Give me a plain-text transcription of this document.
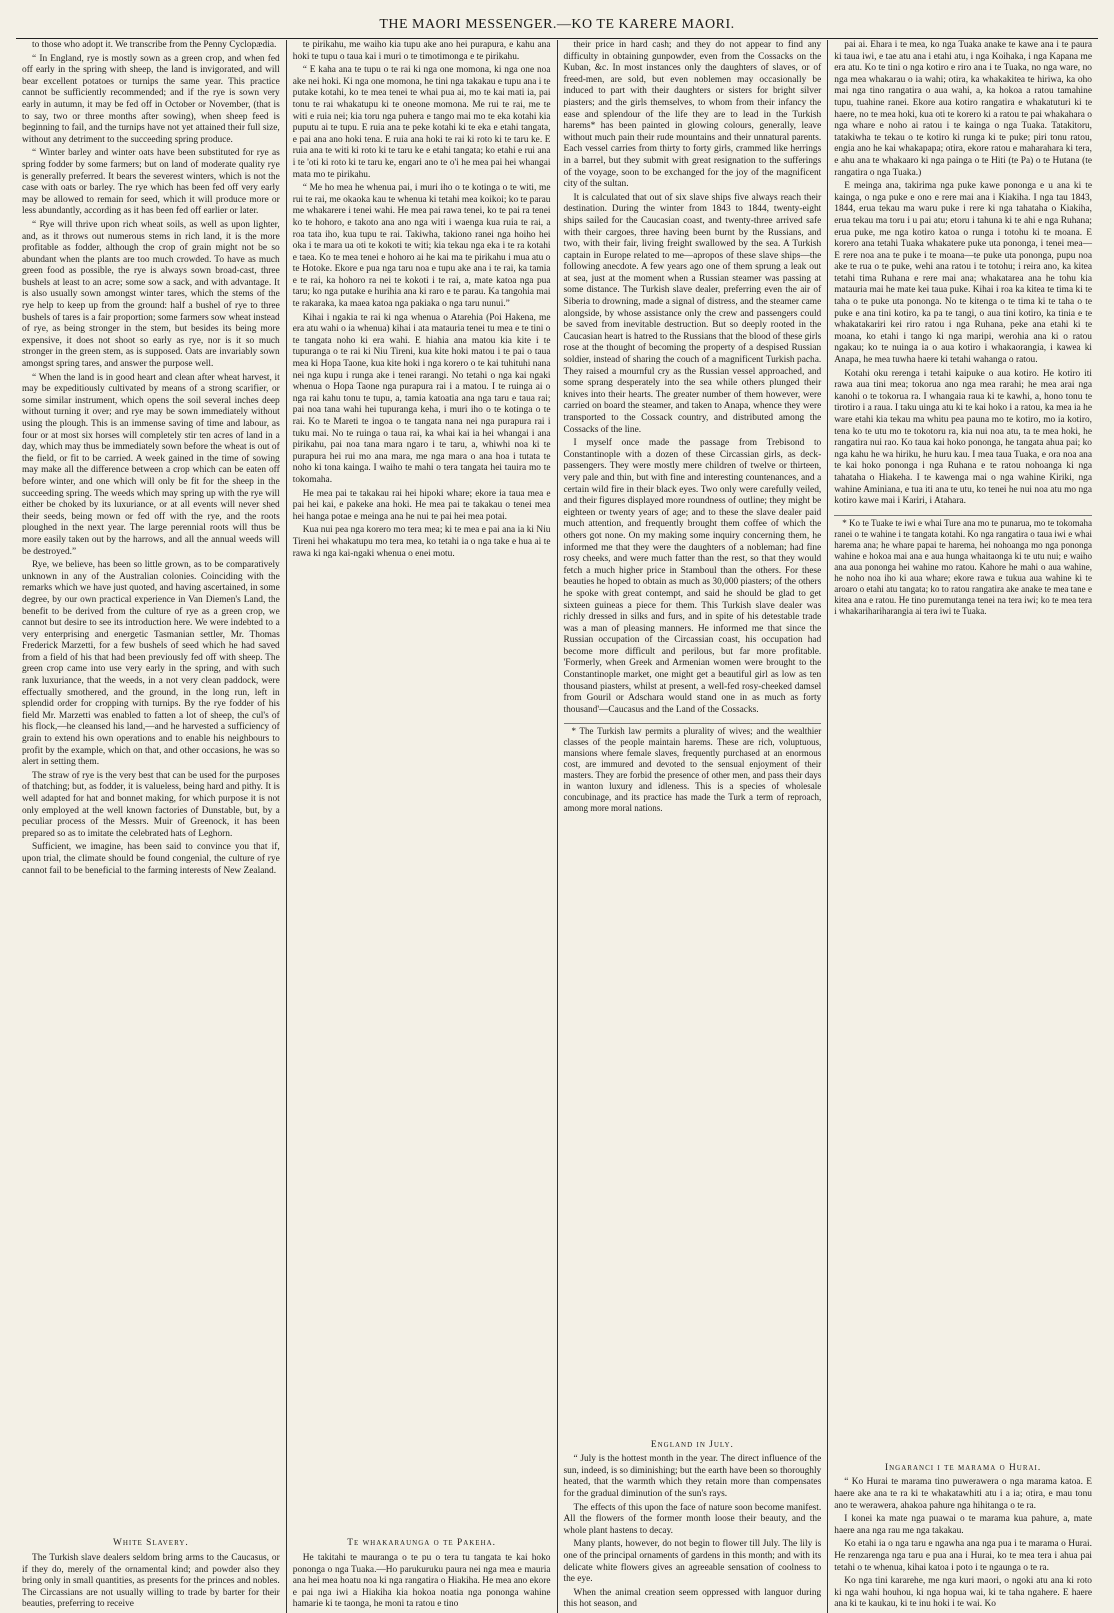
THE MAORI MESSENGER.—KO TE KARERE MAORI.

to those who adopt it. We transcribe from the Penny Cyclopædia.

“ In England, rye is mostly sown as a green crop, and when fed off early in the spring with sheep, the land is invigorated, and will bear excellent potatoes or turnips the same year. This practice cannot be sufficiently recommended; and if the rye is sown very early in autumn, it may be fed off in October or November, (that is to say, two or three months after sowing), when sheep feed is beginning to fail, and the turnips have not yet attained their full size, without any detriment to the succeeding spring produce.

“ Winter barley and winter oats have been substituted for rye as spring fodder by some farmers; but on land of moderate quality rye is generally preferred. It bears the severest winters, which is not the case with oats or barley. The rye which has been fed off very early may be allowed to remain for seed, which it will produce more or less abundantly, according as it has been fed off earlier or later.

“ Rye will thrive upon rich wheat soils, as well as upon lighter, and, as it throws out numerous stems in rich land, it is the more profitable as fodder, although the crop of grain might not be so abundant when the plants are too much crowded. To have as much green food as possible, the rye is always sown broad-cast, three bushels at least to an acre; some sow a sack, and with advantage. It is also usually sown amongst winter tares, which the stems of the rye help to keep up from the ground: half a bushel of rye to three bushels of tares is a fair proportion; some farmers sow wheat instead of rye, as being stronger in the stem, but besides its being more expensive, it does not shoot so early as rye, nor is it so much stronger in the green stem, as is supposed. Oats are invariably sown amongst spring tares, and answer the purpose well.

“ When the land is in good heart and clean after wheat harvest, it may be expeditiously cultivated by means of a strong scarifier, or some similar instrument, which opens the soil several inches deep without turning it over; and rye may be sown immediately without using the plough. This is an immense saving of time and labour, as four or at most six horses will completely stir ten acres of land in a day, which may thus be immediately sown before the wheat is out of the field, or fit to be carried. A week gained in the time of sowing may make all the difference between a crop which can be eaten off before winter, and one which will only be fit for the sheep in the succeeding spring. The weeds which may spring up with the rye will either be choked by its luxuriance, or at all events will never shed their seeds, being mown or fed off with the rye, and the roots ploughed in the next year. The large perennial roots will thus be more easily taken out by the harrows, and all the annual weeds will be destroyed.”

Rye, we believe, has been so little grown, as to be comparatively unknown in any of the Australian colonies. Coinciding with the remarks which we have just quoted, and having ascertained, in some degree, by our own practical experience in Van Diemen's Land, the benefit to be derived from the culture of rye as a green crop, we cannot but desire to see its introduction here. We were indebted to a very enterprising and energetic Tasmanian settler, Mr. Thomas Frederick Marzetti, for a few bushels of seed which he had saved from a field of his that had been previously fed off with sheep. The green crop came into use very early in the spring, and with such rank luxuriance, that the weeds, in a not very clean paddock, were effectually smothered, and the ground, in the long run, left in splendid order for cropping with turnips. By the rye fodder of his field Mr. Marzetti was enabled to fatten a lot of sheep, the cul's of his flock,—he cleansed his land,—and he harvested a sufficiency of grain to extend his own operations and to enable his neighbours to profit by the example, which on that, and other occasions, he was so alert in setting them.

The straw of rye is the very best that can be used for the purposes of thatching; but, as fodder, it is valueless, being hard and pithy. It is well adapted for hat and bonnet making, for which purpose it is not only employed at the well known factories of Dunstable, but, by a peculiar process of the Messrs. Muir of Greenock, it has been prepared so as to imitate the celebrated hats of Leghorn.

Sufficient, we imagine, has been said to convince you that if, upon trial, the climate should be found congenial, the culture of rye cannot fail to be beneficial to the farming interests of New Zealand.

White Slavery.

The Turkish slave dealers seldom bring arms to the Caucasus, or if they do, merely of the ornamental kind; and powder also they bring only in small quantities, as presents for the princes and nobles. The Circassians are not usually willing to trade by barter for their beauties, preferring to receive

te pirikahu, me waiho kia tupu ake ano hei purapura, e kahu ana hoki te tupu o taua kai i muri o te timotimonga e te pirikahu.

“ E kaha ana te tupu o te rai ki nga one momona, ki nga one noa ake nei hoki. Ki nga one momona, he tini nga takakau e tupu ana i te putake kotahi, ko te mea tenei te whai pua ai, mo te kai mati ia, pai tonu te rai whakatupu ki te oneone momona. Me rui te rai, me te witi e ruia nei; kia toru nga puhera e tango mai mo te eka kotahi kia puputu ai te tupu. E ruia ana te peke kotahi ki te eka e etahi tangata, e pai ana ano hoki tena. E ruia ana hoki te rai ki roto ki te taru ke. E ruia ana te witi ki roto ki te taru ke e etahi tangata; ko etahi e rui ana i te 'oti ki roto ki te taru ke, engari ano te o'i he mea pai hei whangai mata mo te pirikahu.

“ Me ho mea he whenua pai, i muri iho o te kotinga o te witi, me rui te rai, me okaoka kau te whenua ki tetahi mea koikoi; ko te parau me whakarere i tenei wahi. He mea pai rawa tenei, ko te pai ra tenei ko te hohoro, e takoto ana ano nga witi i waenga kua ruia te rai, a roa tata iho, kua tupu te rai. Takiwha, takiono ranei nga hoiho hei oka i te mara ua oti te kokoti te witi; kia tekau nga eka i te ra kotahi e taea. Ko te mea tenei e hohoro ai he kai ma te pirikahu i mua atu o te Hotoke. Ekore e pua nga taru noa e tupu ake ana i te rai, ka tamia e te rai, ka hohoro ra nei te kokoti i te rai, a, mate katoa nga pua taru; ko nga putake e hurihia ana ki raro e te parau. Ka tangohia mai te rakaraka, ka maea katoa nga pakiaka o nga taru nunui.”

Kihai i ngakia te rai ki nga whenua o Atarehia (Poi Hakena, me era atu wahi o ia whenua) kihai i ata matauria tenei tu mea e te tini o te tangata noho ki era wahi. E hiahia ana matou kia kite i te tupuranga o te rai ki Niu Tireni, kua kite hoki matou i te pai o taua mea ki Hopa Taone, kua kite hoki i nga korero o te kai tuhituhi nana nei nga kupu i runga ake i tenei rarangi. No tetahi o nga kai ngaki whenua o Hopa Taone nga purapura rai i a matou. I te ruinga ai o nga rai kahu tonu te tupu, a, tamia katoatia ana nga taru e taua rai; pai noa tana wahi hei tupuranga keha, i muri iho o te kotinga o te rai. Ko te Mareti te ingoa o te tangata nana nei nga purapura rai i tuku mai. No te ruinga o taua rai, ka whai kai ia hei whangai i ana pirikahu, pai noa tana mara ngaro i te taru, a, whiwhi noa ki te purapura hei rui mo ana mara, me nga mara o ana hoa i tutata te noho ki tona kainga. I waiho te mahi o tera tangata hei tauira mo te tokomaha.

He mea pai te takakau rai hei hipoki whare; ekore ia taua mea e pai hei kai, e pakeke ana hoki. He mea pai te takakau o tenei mea hei hanga potae e meinga ana he nui te pai hei mea potai.

Kua nui pea nga korero mo tera mea; ki te mea e pai ana ia ki Niu Tireni hei whakatupu mo tera mea, ko tetahi ia o nga take e hua ai te rawa ki nga kai-ngaki whenua o enei motu.

Te whakaraunga o te Pakeha.

He takitahi te mauranga o te pu o tera tu tangata te kai hoko pononga o nga Tuaka.—Ho parukuruku paura nei nga mea e mauria ana hei mea hoatu noa ki nga rangatira o Hiakiha. He mea ano ekore e pai nga iwi a Hiakiha kia hokoa noatia nga pononga wahine hamarie ki te taonga, he moni ta ratou e tino

their price in hard cash; and they do not appear to find any difficulty in obtaining gunpowder, even from the Cossacks on the Kuban, &c. In most instances only the daughters of slaves, or of freed-men, are sold, but even noblemen may occasionally be induced to part with their daughters or sisters for bright silver piasters; and the girls themselves, to whom from their infancy the ease and splendour of the life they are to lead in the Turkish harems* has been painted in glowing colours, generally, leave without much pain their rude mountains and their unnatural parents. Each vessel carries from thirty to forty girls, crammed like herrings in a barrel, but they submit with great resignation to the sufferings of the voyage, soon to be exchanged for the joy of the magnificent city of the sultan.

It is calculated that out of six slave ships five always reach their destination. During the winter from 1843 to 1844, twenty-eight ships sailed for the Caucasian coast, and twenty-three arrived safe with their cargoes, three having been burnt by the Russians, and two, with their fair, living freight swallowed by the sea. A Turkish captain in Europe related to me—apropos of these slave ships—the following anecdote. A few years ago one of them sprung a leak out at sea, just at the moment when a Russian steamer was passing at some distance. The Turkish slave dealer, preferring even the air of Siberia to drowning, made a signal of distress, and the steamer came alongside, by whose assistance only the crew and passengers could be saved from inevitable destruction. But so deeply rooted in the Caucasian heart is hatred to the Russians that the blood of these girls rose at the thought of becoming the property of a despised Russian soldier, instead of sharing the couch of a magnificent Turkish pacha. They raised a mournful cry as the Russian vessel approached, and some sprang desperately into the sea while others plunged their knives into their hearts. The greater number of them however, were carried on board the steamer, and taken to Anapa, whence they were transported to the Cossack country, and distributed among the Cossacks of the line.

I myself once made the passage from Trebisond to Constantinople with a dozen of these Circassian girls, as deck-passengers. They were mostly mere children of twelve or thirteen, very pale and thin, but with fine and interesting countenances, and a certain wild fire in their black eyes. Two only were carefully veiled, and their figures displayed more roundness of outline; they might be eighteen or twenty years of age; and to these the slave dealer paid much attention, and frequently brought them coffee of which the others got none. On my making some inquiry concerning them, he informed me that they were the daughters of a nobleman; had fine rosy cheeks, and were much fatter than the rest, so that they would fetch a much higher price in Stamboul than the others. For these beauties he hoped to obtain as much as 30,000 piasters; of the others he spoke with great contempt, and said he should be glad to get sixteen guineas a piece for them. This Turkish slave dealer was richly dressed in silks and furs, and in spite of his detestable trade was a man of pleasing manners. He informed me that since the Russian occupation of the Circassian coast, his occupation had become more difficult and perilous, but far more profitable. 'Formerly, when Greek and Armenian women were brought to the Constantinople market, one might get a beautiful girl as low as ten thousand piasters, whilst at present, a well-fed rosy-cheeked damsel from Gouril or Adschara would stand one in as much as forty thousand'—Caucasus and the Land of the Cossacks.

* The Turkish law permits a plurality of wives; and the wealthier classes of the people maintain harems. These are rich, voluptuous, mansions where female slaves, frequently purchased at an enormous cost, are immured and devoted to the sensual enjoyment of their masters. They are forbid the presence of other men, and pass their days in wanton luxury and idleness. This is a species of wholesale concubinage, and its practice has made the Turk a term of reproach, among more moral nations.

England in July.

“ July is the hottest month in the year. The direct influence of the sun, indeed, is so diminishing; but the earth have been so thoroughly heated, that the warmth which they retain more than compensates for the gradual diminution of the sun's rays.

The effects of this upon the face of nature soon become manifest. All the flowers of the former month loose their beauty, and the whole plant hastens to decay.

Many plants, however, do not begin to flower till July. The lily is one of the principal ornaments of gardens in this month; and with its delicate white flowers gives an agreeable sensation of coolness to the eye.

When the animal creation seem oppressed with languor during this hot season, and

pai ai. Ehara i te mea, ko nga Tuaka anake te kawe ana i te paura ki taua iwi, e tae atu ana i etahi atu, i nga Koihaka, i nga Kapana me era atu. Ko te tini o nga kotiro e riro ana i te Tuaka, no nga ware, no nga mea whakarau o ia wahi; otira, ka whakakitea te hiriwa, ka oho mai nga tino rangatira o aua wahi, a, ka hokoa a ratou tamahine tupu, tuahine ranei. Ekore aua kotiro rangatira e whakatuturi ki te haere, no te mea hoki, kua oti te korero ki a ratou te pai whakahara o nga whare e noho ai ratou i te kainga o nga Tuaka. Tatakitoru, tatakiwha te tekau o te kotiro ki runga ki te puke; piri tonu ratou, engia ano he kai whakapapa; otira, ekore ratou e maharahara ki tera, e ahu ana te whakaaro ki nga painga o te Hiti (te Pa) o te Hutana (te rangatira o nga Tuaka.)

E meinga ana, takirima nga puke kawe pononga e u ana ki te kainga, o nga puke e ono e rere mai ana i Kiakiha. I nga tau 1843, 1844, erua tekau ma waru puke i rere ki nga tahataha o Kiakiha, erua tekau ma toru i u pai atu; etoru i tahuna ki te ahi e nga Ruhana; erua puke, me nga kotiro katoa o runga i totohu ki te moana. E korero ana tetahi Tuaka whakatere puke uta pononga, i tenei mea—E rere noa ana te puke i te moana—te puke uta pononga, pupu noa ake te rua o te puke, wehi ana ratou i te totohu; i reira ano, ka kitea tetahi tima Ruhana e rere mai ana; whakatarea ana he tohu kia matauria mai he mate kei taua puke. Kihai i roa ka kitea te tima ki te taha o te puke uta pononga. No te kitenga o te tima ki te taha o te puke e ana tini kotiro, ka pa te tangi, o aua tini kotiro, ka tinia e te whakatakariri kei riro ratou i nga Ruhana, peke ana etahi ki te moana, ko etahi i tango ki nga maripi, werohia ana ki o ratou ngakau; ko te nuinga ia o aua kotiro i whakaorangia, i kawea ki Anapa, he mea tuwha haere ki tetahi wahanga o ratou.

Kotahi oku rerenga i tetahi kaipuke o aua kotiro. He kotiro iti rawa aua tini mea; tokorua ano nga mea rarahi; he mea arai nga kanohi o te tokorua ra. I whangaia raua ki te kawhi, a, hono tonu te tirotiro i a raua. I taku uinga atu ki te kai hoko i a ratou, ka mea ia he ware etahi kia tekau ma whitu pea pauna mo te kotiro, mo ia kotiro, tena ko te utu mo te tokotoru ra, kia nui noa atu, ta te mea hoki, he rangatira nui rao. Ko taua kai hoko pononga, he tangata ahua pai; ko nga kahu he wa hiriku, he huru kau. I mea taua Tuaka, e ora noa ana te kai hoko pononga i nga Ruhana e te ratou nohoanga ki nga tahataha o Hiakeha. I te kawenga mai o nga wahine Kiriki, nga wahine Aminiana, e tua iti ana te utu, ko tenei he nui noa atu mo nga kotiro kawe mai i Kariri, i Atahara.

* Ko te Tuake te iwi e whai Ture ana mo te punarua, mo te tokomaha ranei o te wahine i te tangata kotahi. Ko nga rangatira o taua iwi e whai harema ana; he whare papai te harema, hei nohoanga mo nga pononga wahine e hokoa mai ana e aua hunga whaitaonga ki te utu nui; e waiho ana aua pononga hei wahine mo ratou. Kahore he mahi o aua wahine, he noho noa iho ki aua whare; ekore rawa e tukua aua wahine ki te aroaro o etahi atu tangata; ko to ratou rangatira ake anake te mea tane e kitea ana e ratou. He tino puremutanga tenei na tera iwi; ko te mea tera i whakarihariharangia ai tera iwi te Tuaka.

Ingaranci i te marama o Hurai.

“ Ko Hurai te marama tino puwerawera o nga marama katoa. E haere ake ana te ra ki te whakatawhiti atu i a ia; otira, e mau tonu ano te werawera, ahakoa pahure nga hihitanga o te ra.

I konei ka mate nga puawai o te marama kua pahure, a, mate haere ana nga rau me nga takakau.

Ko etahi ia o nga taru e ngawha ana nga pua i te marama o Hurai. He renzarenga nga taru e pua ana i Hurai, ko te mea tera i ahua pai tetahi o te whenua, kihai katoa i poto i te ngaunga o te ra.

Ko nga tini kararehe, me nga kuri maori, o ngoki atu ana ki roto ki nga wahi houhou, ki nga hopua wai, ki te taha ngahere. E haere ana ki te kaukau, ki te inu hoki i te wai. Ko
